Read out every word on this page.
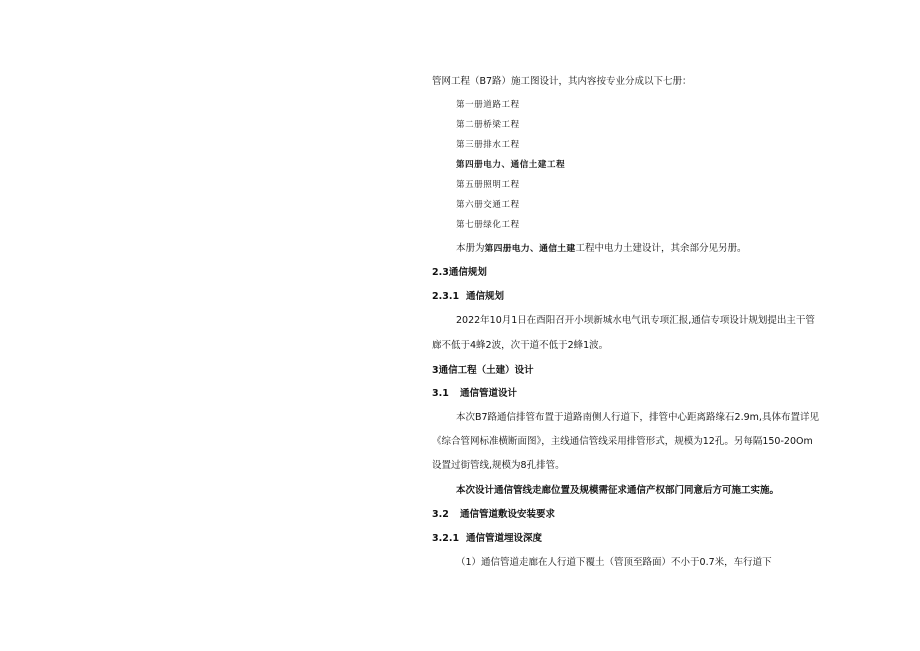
管网工程（B7路）施工图设计，其内容按专业分成以下七册：
第一册道路工程
第二册桥梁工程
第三册排水工程
第四册电力、通信土建工程
第五册照明工程
第六册交通工程
第七册绿化工程
本册为第四册电力、通信土建工程中电力土建设计，其余部分见另册。
2.3通信规划
2.3.1 通信规划
2022年10月1日在酉阳召开小坝新城水电气讯专项汇报,通信专项设计规划提出主干管
廊不低于4蜂2波，次干道不低于2蜂1波。
3通信工程（土建）设计
3.1 通信管道设计
本次B7路通信排管布置于道路南侧人行道下，排管中心距离路缘石2.9m,具体布置详见
《综合管网标准横断面图》，主线通信管线采用排管形式，规模为12孔。另每隔150-20Om
设置过街管线,规模为8孔排管。
本次设计通信管线走廊位置及规模需征求通信产权部门同意后方可施工实施。
3.2 通信管道敷设安装要求
3.2.1 通信管道埋设深度
（1）通信管道走廊在人行道下覆土（管顶至路面）不小于0.7米，车行道下
